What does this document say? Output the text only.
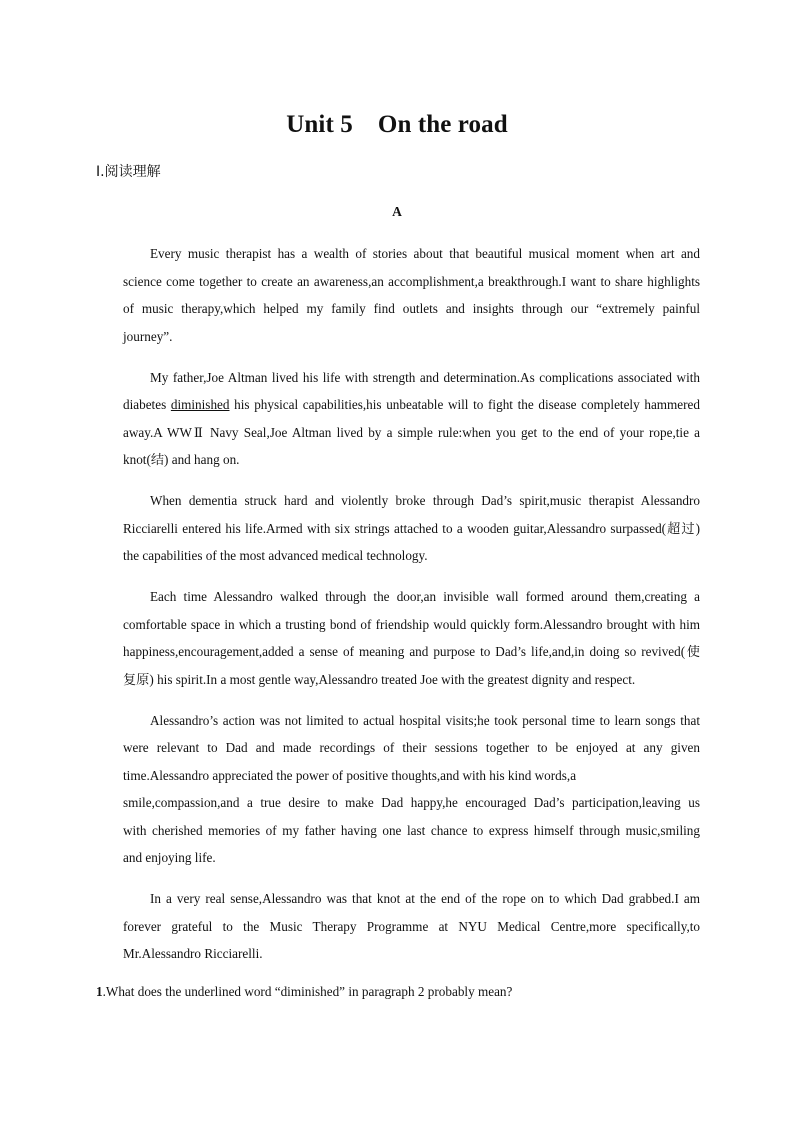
Unit 5　On the road
Ⅰ.阅读理解
A

Every music therapist has a wealth of stories about that beautiful musical moment when art and
science come together to create an awareness,an accomplishment,a breakthrough.I want to share highlights
of music therapy,which helped my family find outlets and insights through our “extremely painful
journey”.

My father,Joe Altman lived his life with strength and determination.As complications associated with
diabetes diminished his physical capabilities,his unbeatable will to fight the disease completely hammered
away.A WWⅡ Navy Seal,Joe Altman lived by a simple rule:when you get to the end of your rope,tie a
knot(结) and hang on.

When dementia struck hard and violently broke through Dad’s spirit,music therapist Alessandro
Ricciarelli entered his life.Armed with six strings attached to a wooden guitar,Alessandro surpassed(超过)
the capabilities of the most advanced medical technology.

Each time Alessandro walked through the door,an invisible wall formed around them,creating a
comfortable space in which a trusting bond of friendship would quickly form.Alessandro brought with him
happiness,encouragement,added a sense of meaning and purpose to Dad’s life,and,in doing so revived(使
复原) his spirit.In a most gentle way,Alessandro treated Joe with the greatest dignity and respect.

Alessandro’s action was not limited to actual hospital visits;he took personal time to learn songs that
were relevant to Dad and made recordings of their sessions together to be enjoyed at any given
time.Alessandro appreciated the power of positive thoughts,and with his kind words,a
smile,compassion,and a true desire to make Dad happy,he encouraged Dad’s participation,leaving us
with cherished memories of my father having one last chance to express himself through music,smiling
and enjoying life.

In a very real sense,Alessandro was that knot at the end of the rope on to which Dad grabbed.I am
forever grateful to the Music Therapy Programme at NYU Medical Centre,more specifically,to
Mr.Alessandro Ricciarelli.

1.What does the underlined word “diminished” in paragraph 2 probably mean?
